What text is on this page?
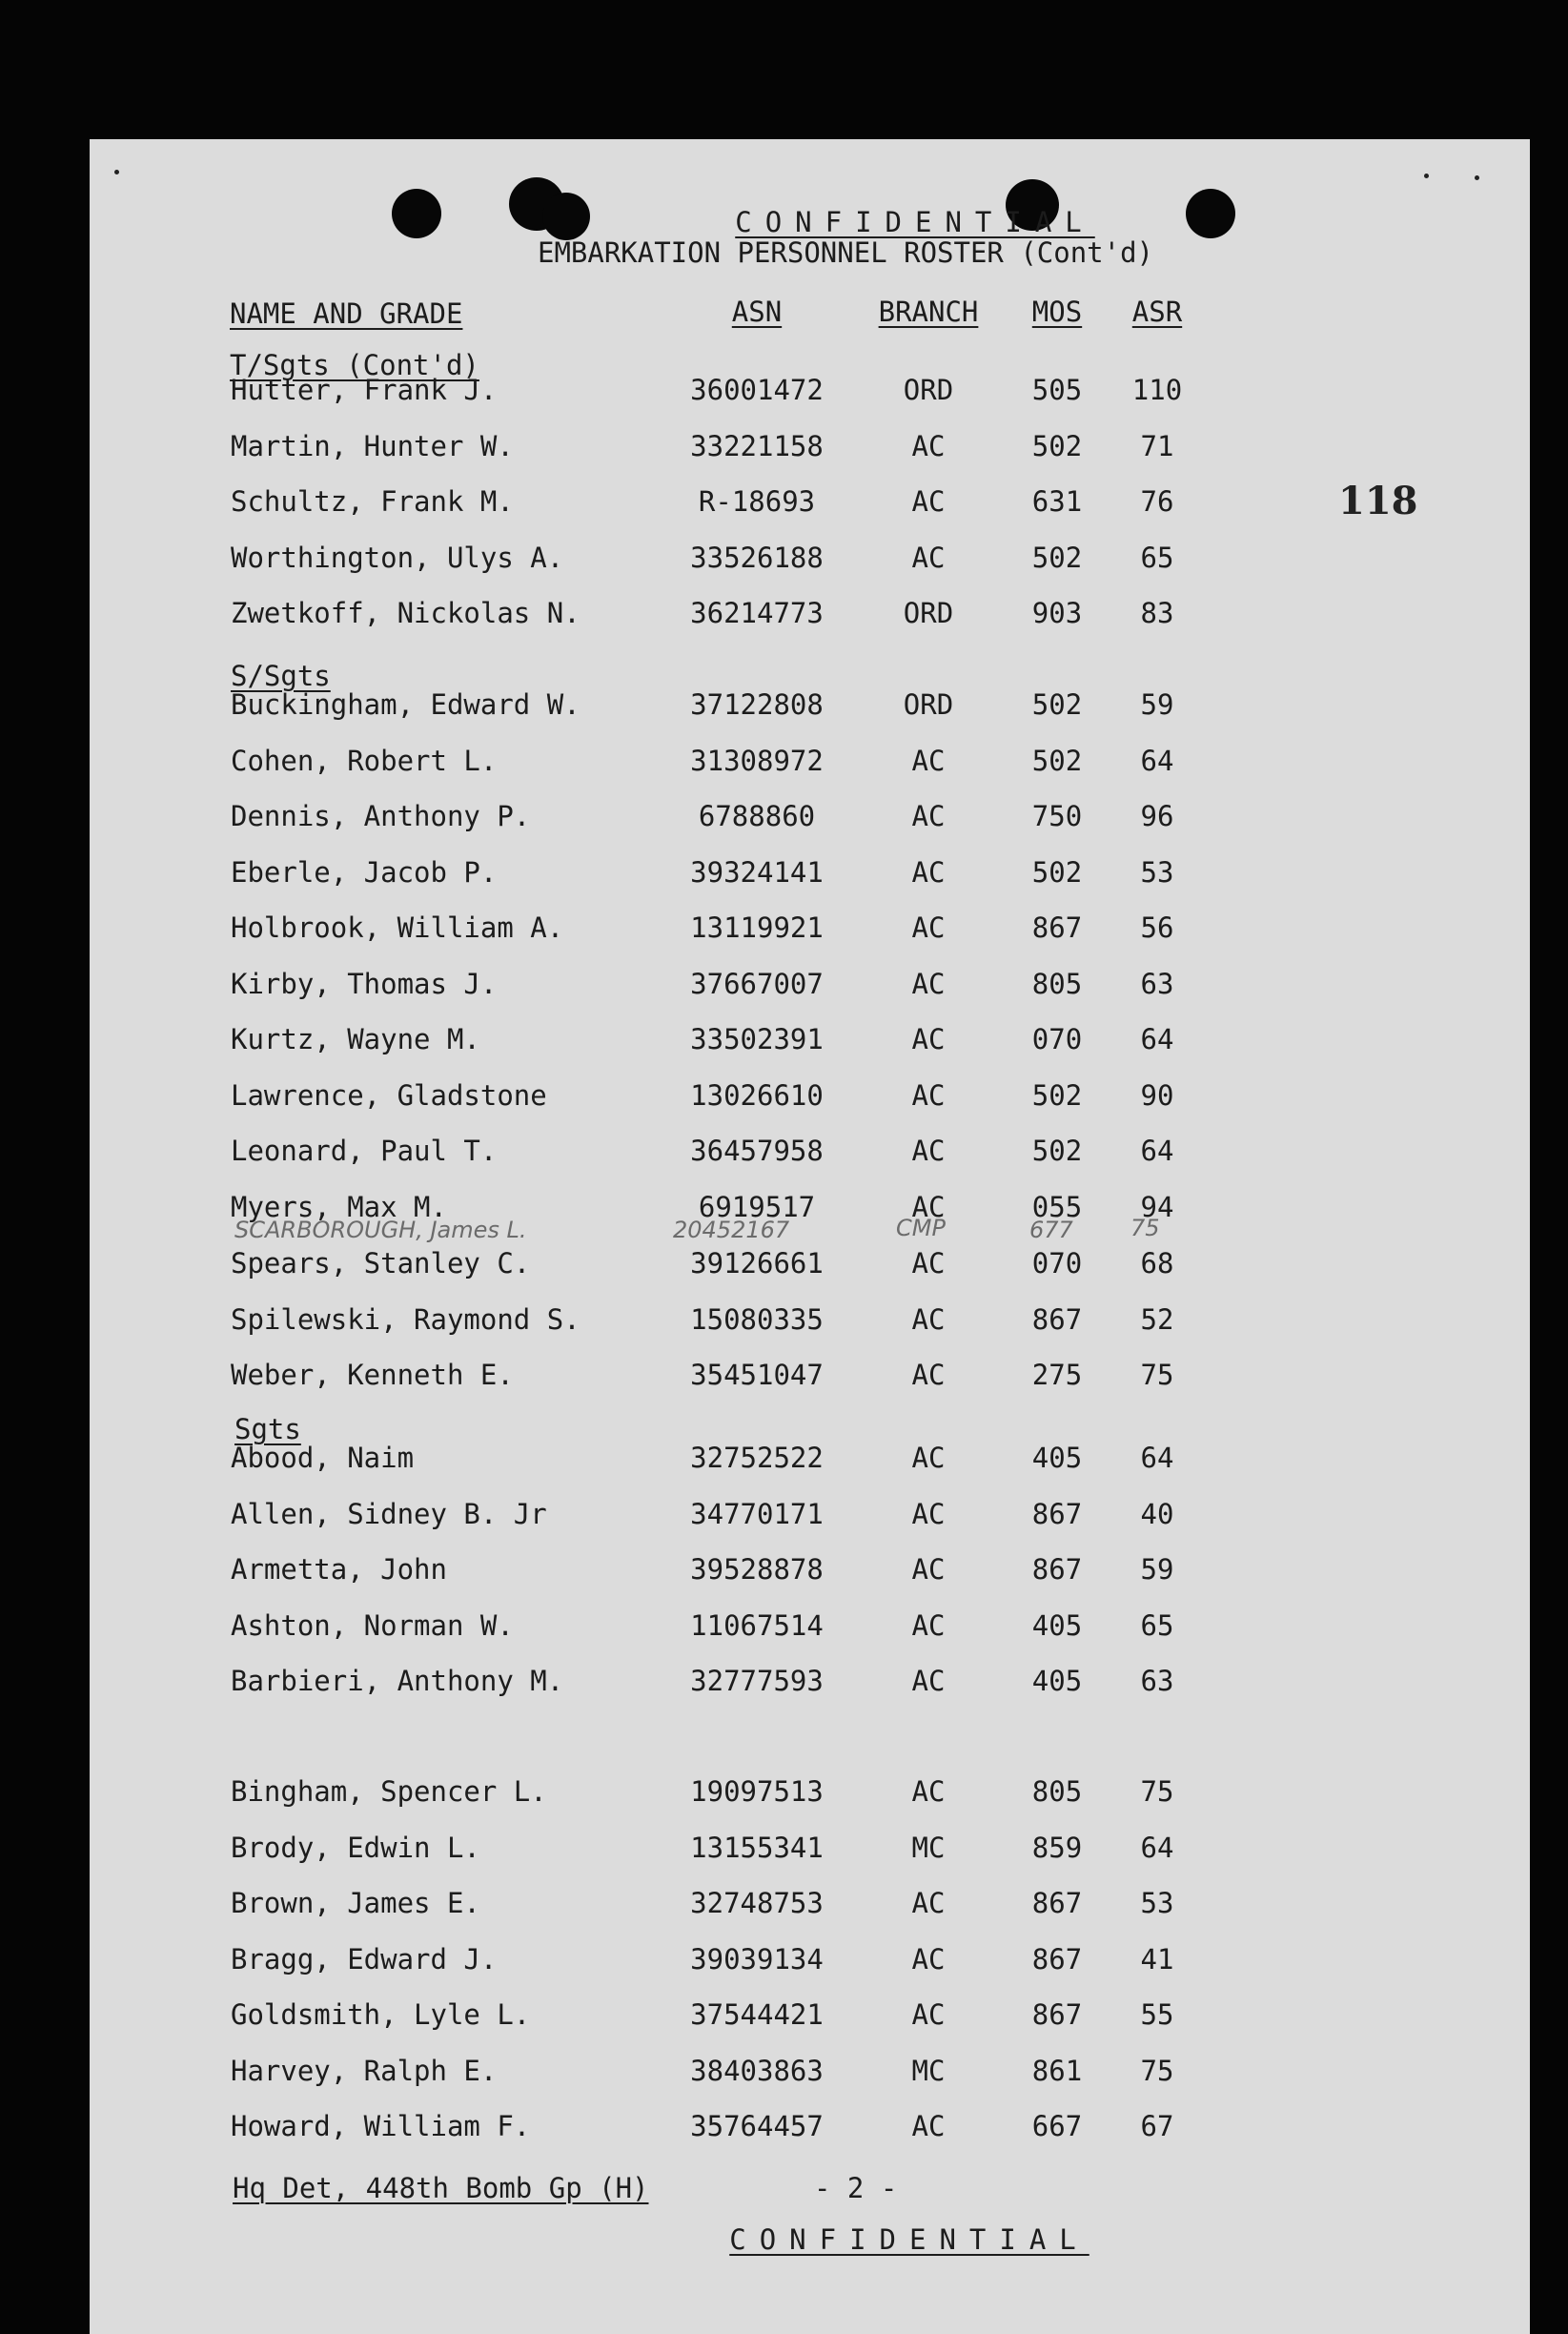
CONFIDENTIAL
EMBARKATION PERSONNEL ROSTER (Cont'd)
118
NAME AND GRADE	ASN	BRANCH	MOS	ASR
T/Sgts (Cont'd)
S/Sgts
Sgts
Hutter, Frank J.	36001472	ORD	505	110
Martin, Hunter W.	33221158	AC	502	71
Schultz, Frank M.	R-18693	AC	631	76
Worthington, Ulys A.	33526188	AC	502	65
Zwetkoff, Nickolas N.	36214773	ORD	903	83
Buckingham, Edward W.	37122808	ORD	502	59
Cohen, Robert L.	31308972	AC	502	64
Dennis, Anthony P.	6788860	AC	750	96
Eberle, Jacob P.	39324141	AC	502	53
Holbrook, William A.	13119921	AC	867	56
Kirby, Thomas J.	37667007	AC	805	63
Kurtz, Wayne M.	33502391	AC	070	64
Lawrence, Gladstone	13026610	AC	502	90
Leonard, Paul T.	36457958	AC	502	64
Myers, Max M.	6919517	AC	055	94
Spears, Stanley C.	39126661	AC	070	68
Spilewski, Raymond S.	15080335	AC	867	52
Weber, Kenneth E.	35451047	AC	275	75
Abood, Naim	32752522	AC	405	64
Allen, Sidney B. Jr	34770171	AC	867	40
Armetta, John	39528878	AC	867	59
Ashton, Norman W.	11067514	AC	405	65
Barbieri, Anthony M.	32777593	AC	405	63
Bingham, Spencer L.	19097513	AC	805	75
Brody, Edwin L.	13155341	MC	859	64
Brown, James E.	32748753	AC	867	53
Bragg, Edward J.	39039134	AC	867	41
Goldsmith, Lyle L.	37544421	AC	867	55
Harvey, Ralph E.	38403863	MC	861	75
Howard, William F.	35764457	AC	667	67
SCARBOROUGH, James L.	20452167	CMP	677	75
Hq Det, 448th Bomb Gp (H)	- 2 -
CONFIDENTIAL
